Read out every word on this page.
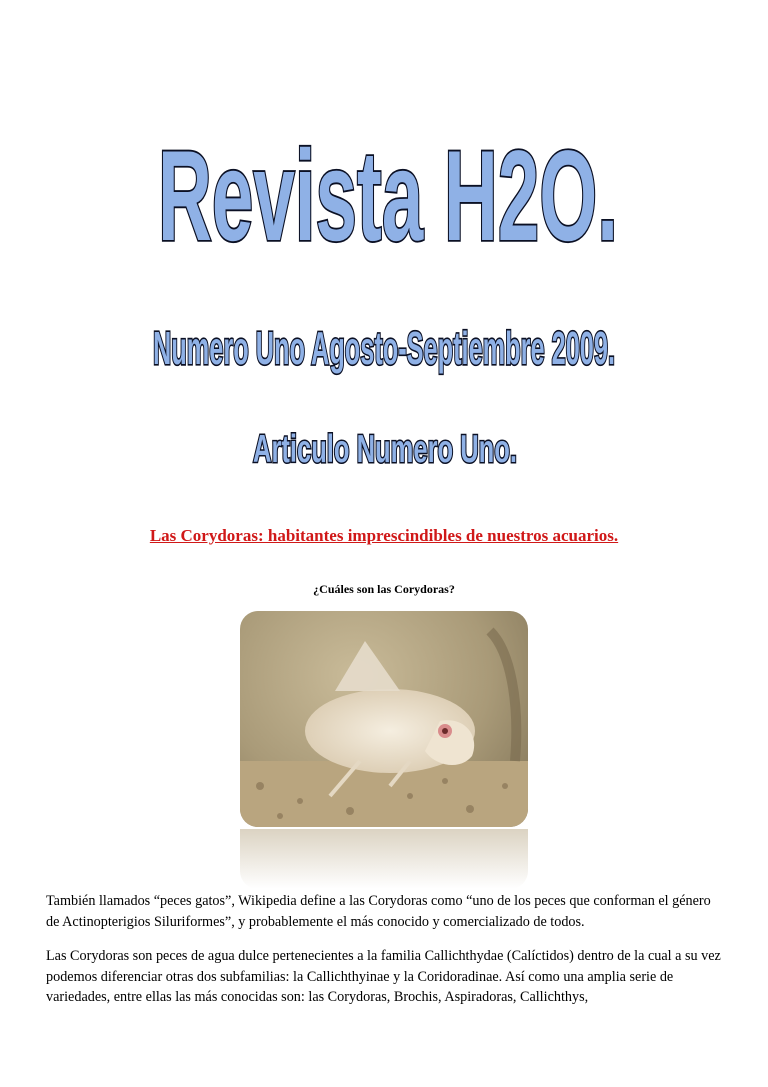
Revista H2O.
Numero Uno Agosto-Septiembre 2009.
Articulo Numero Uno.
Las Corydoras: habitantes imprescindibles de nuestros acuarios.
¿Cuáles son las Corydoras?

También llamados “peces gatos”, Wikipedia define a las Corydoras como “uno de los peces que conforman el género de Actinopterigios Siluriformes”, y probablemente el más conocido y comercializado de todos.

Las Corydoras son peces de agua dulce pertenecientes a la familia Callichthydae (Calíctidos) dentro de la cual a su vez podemos diferenciar otras dos subfamilias: la Callichthyinae y la Coridoradinae. Así como una amplia serie de variedades, entre ellas las más conocidas son: las Corydoras, Brochis, Aspiradoras, Callichthys,
